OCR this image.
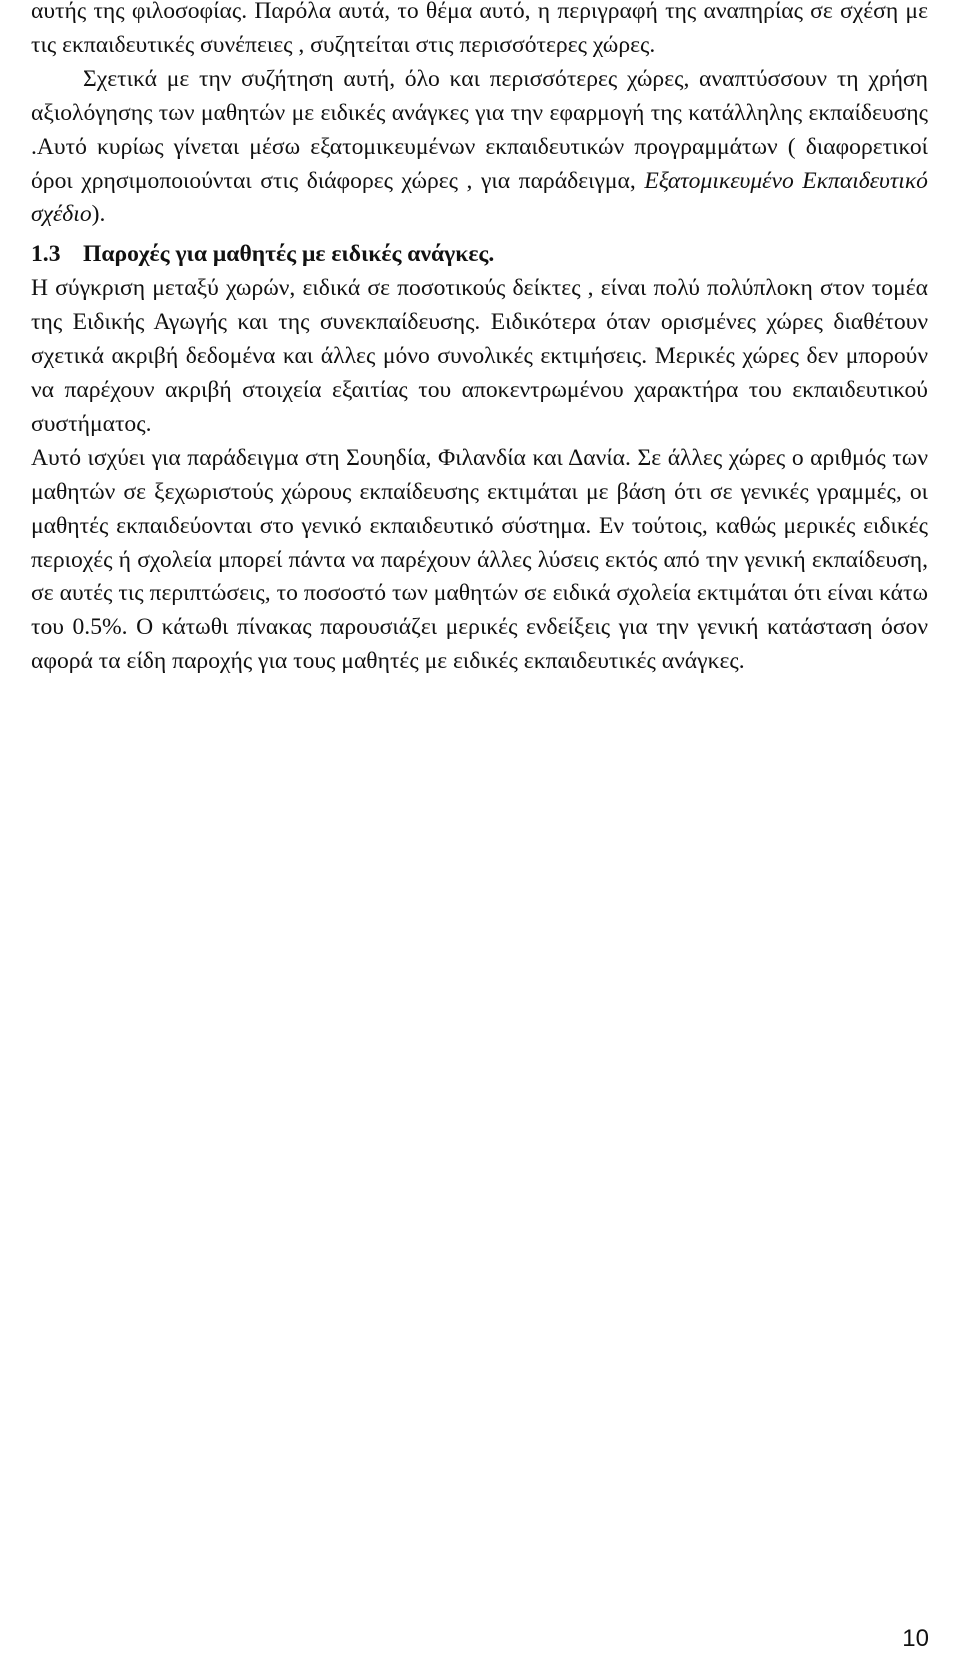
αυτής της φιλοσοφίας. Παρόλα αυτά, το θέμα αυτό, η περιγραφή της αναπηρίας σε σχέση με τις εκπαιδευτικές συνέπειες , συζητείται στις περισσότερες χώρες.

Σχετικά με την συζήτηση αυτή, όλο και περισσότερες χώρες, αναπτύσσουν τη χρήση αξιολόγησης των μαθητών με ειδικές ανάγκες για την εφαρμογή της κατάλληλης εκπαίδευσης .Αυτό κυρίως γίνεται μέσω εξατομικευμένων εκπαιδευτικών προγραμμάτων ( διαφορετικοί όροι χρησιμοποιούνται στις διάφορες χώρες , για παράδειγμα, Εξατομικευμένο Εκπαιδευτικό σχέδιο).

1.3 Παροχές για μαθητές με ειδικές ανάγκες.

Η σύγκριση μεταξύ χωρών, ειδικά σε ποσοτικούς δείκτες , είναι πολύ πολύπλοκη στον τομέα της Ειδικής Αγωγής και της συνεκπαίδευσης. Ειδικότερα όταν ορισμένες χώρες διαθέτουν σχετικά ακριβή δεδομένα και άλλες μόνο συνολικές εκτιμήσεις. Μερικές χώρες δεν μπορούν να παρέχουν ακριβή στοιχεία εξαιτίας του αποκεντρωμένου χαρακτήρα του εκπαιδευτικού συστήματος.

Αυτό ισχύει για παράδειγμα στη Σουηδία, Φιλανδία και Δανία. Σε άλλες χώρες ο αριθμός των μαθητών σε ξεχωριστούς χώρους εκπαίδευσης εκτιμάται με βάση ότι σε γενικές γραμμές, οι μαθητές εκπαιδεύονται στο γενικό εκπαιδευτικό σύστημα. Εν τούτοις, καθώς μερικές ειδικές περιοχές ή σχολεία μπορεί πάντα να παρέχουν άλλες λύσεις εκτός από την γενική εκπαίδευση, σε αυτές τις περιπτώσεις, το ποσοστό των μαθητών σε ειδικά σχολεία εκτιμάται ότι είναι κάτω του 0.5%. Ο κάτωθι πίνακας παρουσιάζει μερικές ενδείξεις για την γενική κατάσταση όσον αφορά τα είδη παροχής για τους μαθητές με ειδικές εκπαιδευτικές ανάγκες.

10
